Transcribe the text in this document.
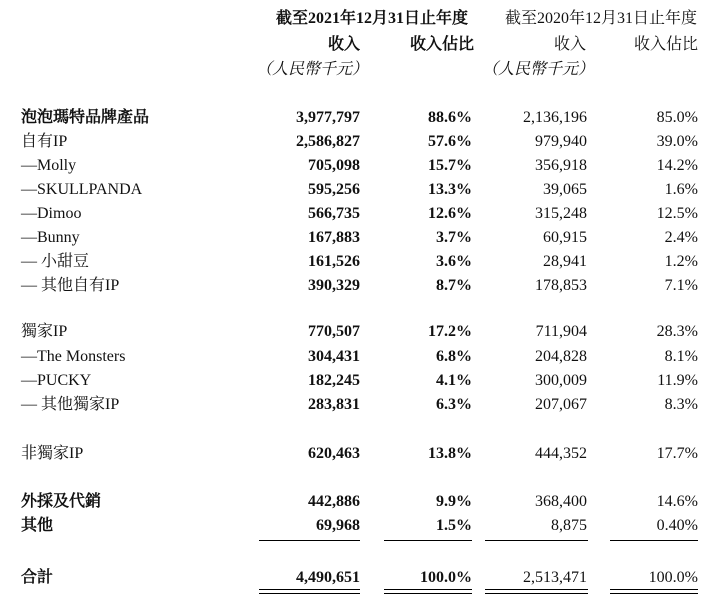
截至2021年12月31日止年度
收入	收入佔比
（人民幣千元）
截至2020年12月31日止年度
收入	收入佔比
（人民幣千元）
泡泡瑪特品牌產品	3,977,797	88.6%	2,136,196	85.0%
自有IP	2,586,827	57.6%	979,940	39.0%
—Molly	705,098	15.7%	356,918	14.2%
—SKULLPANDA	595,256	13.3%	39,065	1.6%
—Dimoo	566,735	12.6%	315,248	12.5%
—Bunny	167,883	3.7%	60,915	2.4%
— 小甜豆	161,526	3.6%	28,941	1.2%
— 其他自有IP	390,329	8.7%	178,853	7.1%
獨家IP	770,507	17.2%	711,904	28.3%
—The Monsters	304,431	6.8%	204,828	8.1%
—PUCKY	182,245	4.1%	300,009	11.9%
— 其他獨家IP	283,831	6.3%	207,067	8.3%
非獨家IP	620,463	13.8%	444,352	17.7%
外採及代銷	442,886	9.9%	368,400	14.6%
其他	69,968	1.5%	8,875	0.40%
合計	4,490,651	100.0%	2,513,471	100.0%
